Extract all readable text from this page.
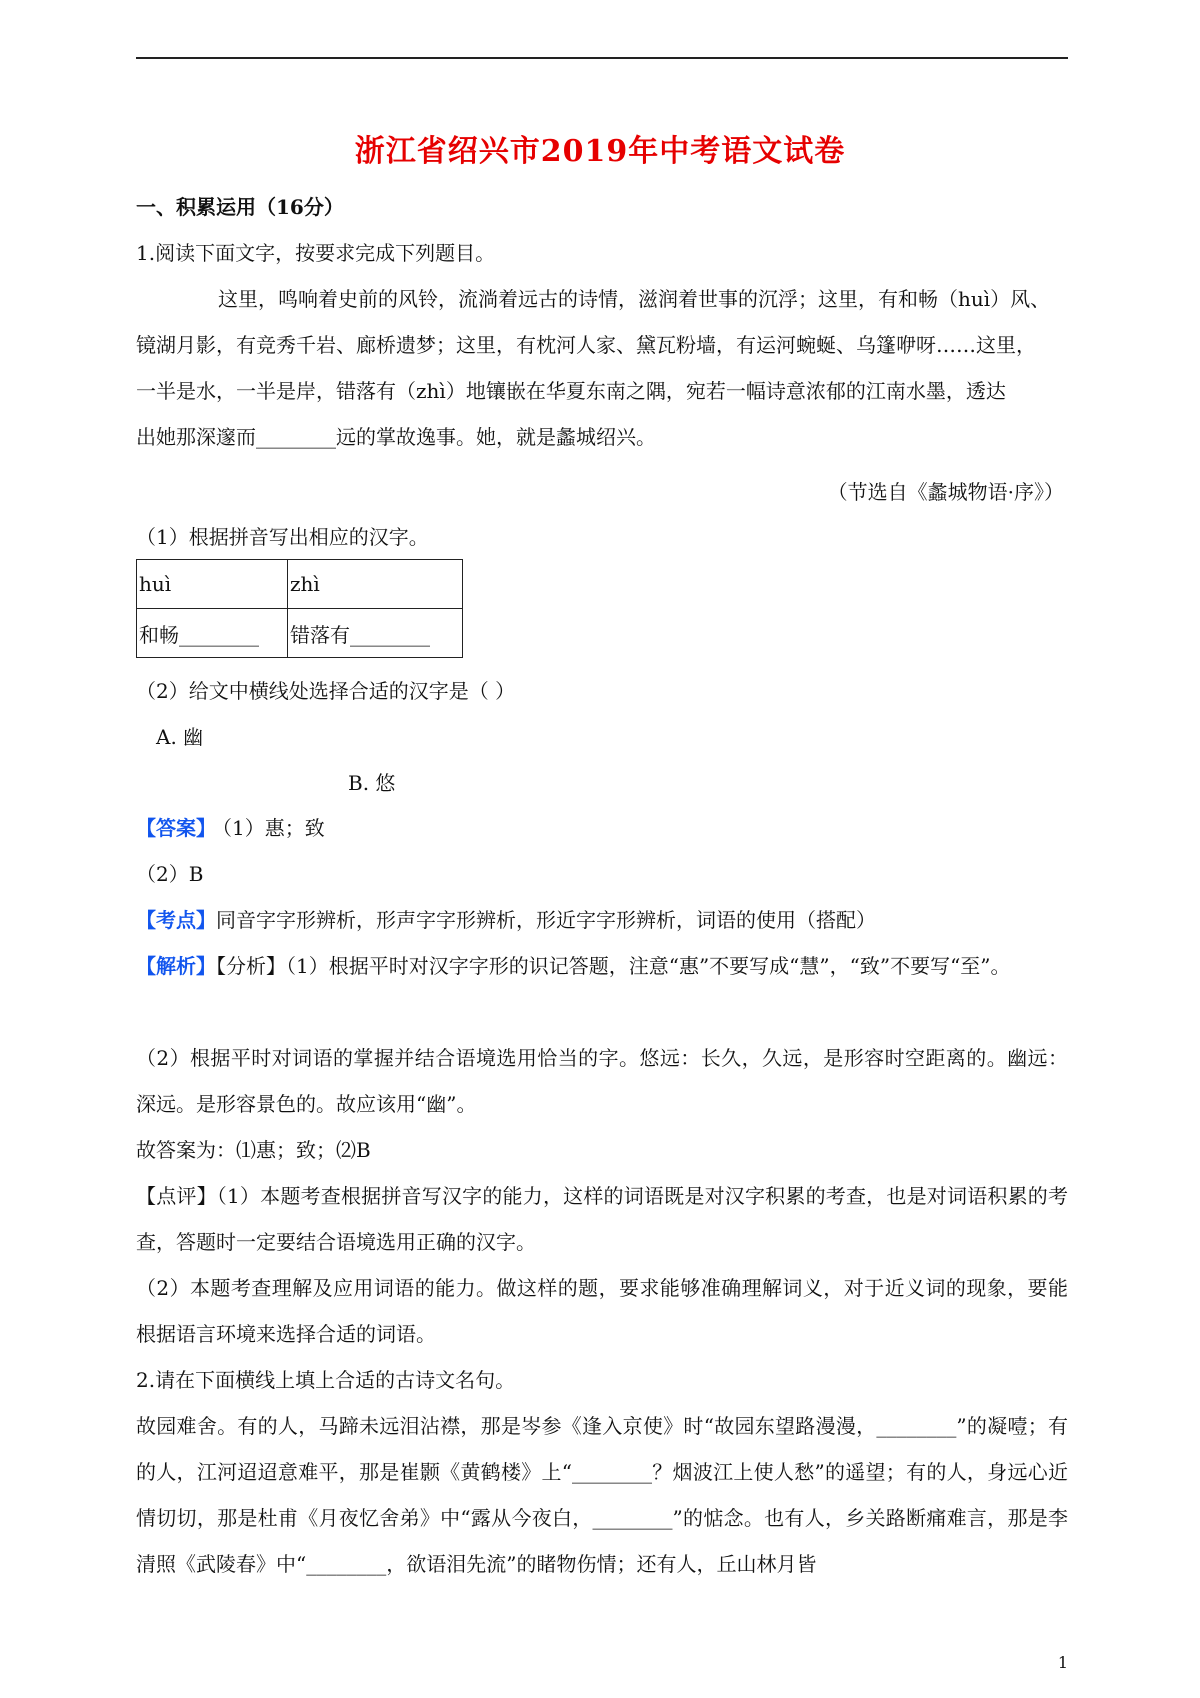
浙江省绍兴市2019年中考语文试卷
一、积累运用（16分）
1.阅读下面文字，按要求完成下列题目。
这里，鸣响着史前的风铃，流淌着远古的诗情，滋润着世事的沉浮；这里，有和畅（huì）风、
镜湖月影，有竞秀千岩、廊桥遗梦；这里，有枕河人家、黛瓦粉墙，有运河蜿蜒、乌篷咿呀……这里，
一半是水，一半是岸，错落有（zhì）地镶嵌在华夏东南之隅，宛若一幅诗意浓郁的江南水墨，透达
出她那深邃而________远的掌故逸事。她，就是蠡城绍兴。
（节选自《蠡城物语·序》）
（1）根据拼音写出相应的汉字。
huì	zhì
和畅________	错落有________
（2）给文中横线处选择合适的汉字是（ ）
A. 幽
B. 悠
【答案】 （1）惠；致
（2）B
【考点】同音字字形辨析，形声字字形辨析，形近字字形辨析，词语的使用（搭配）
【解析】【分析】（1）根据平时对汉字字形的识记答题，注意“惠”不要写成“慧”，“致”不要写“至”。
（2）根据平时对词语的掌握并结合语境选用恰当的字。悠远：长久，久远，是形容时空距离的。幽远：深远。是形容景色的。故应该用“幽”。
故答案为：⑴惠；致；⑵B
【点评】（1）本题考查根据拼音写汉字的能力，这样的词语既是对汉字积累的考查，也是对词语积累的考查，答题时一定要结合语境选用正确的汉字。
（2）本题考查理解及应用词语的能力。做这样的题，要求能够准确理解词义，对于近义词的现象，要能根据语言环境来选择合适的词语。
2.请在下面横线上填上合适的古诗文名句。
故园难舍。有的人，马蹄未远泪沾襟，那是岑参《逢入京使》时“故园东望路漫漫，________”的凝噎；有的人，江河迢迢意难平，那是崔颢《黄鹤楼》上“________？烟波江上使人愁”的遥望；有的人，身远心近情切切，那是杜甫《月夜忆舍弟》中“露从今夜白，________”的惦念。也有人，乡关路断痛难言，那是李清照《武陵春》中“________，欲语泪先流”的睹物伤情；还有人，丘山林月皆
1
